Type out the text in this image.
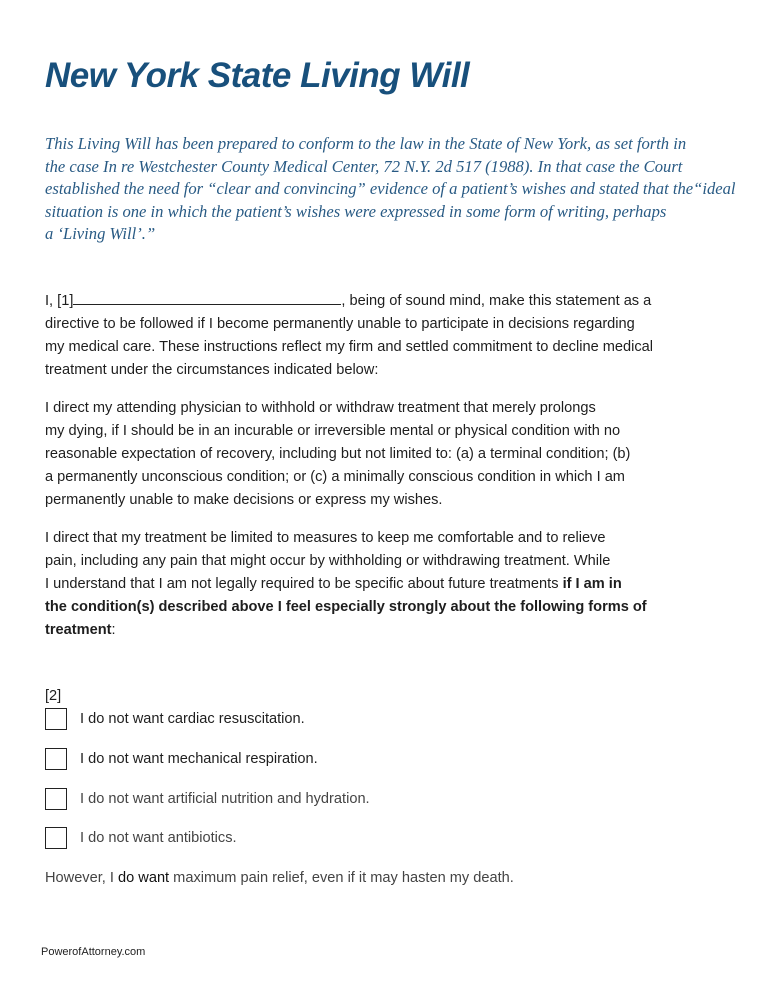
New York State Living Will
This Living Will has been prepared to conform to the law in the State of New York, as set forth in
the case In re Westchester County Medical Center, 72 N.Y. 2d 517 (1988). In that case the Court
established the need for “clear and convincing” evidence of a patient’s wishes and stated that the“ideal
situation is one in which the patient’s wishes were expressed in some form of writing, perhaps
a ‘Living Will’.”
I, [1]	, being of sound mind, make this statement as a
directive to be followed if I become permanently unable to participate in decisions regarding
my medical care. These instructions reflect my firm and settled commitment to decline medical
treatment under the circumstances indicated below:
I direct my attending physician to withhold or withdraw treatment that merely prolongs
my dying, if I should be in an incurable or irreversible mental or physical condition with no
reasonable expectation of recovery, including but not limited to: (a) a terminal condition; (b)
a permanently unconscious condition; or (c) a minimally conscious condition in which I am
permanently unable to make decisions or express my wishes.
I direct that my treatment be limited to measures to keep me comfortable and to relieve
pain, including any pain that might occur by withholding or withdrawing treatment. While
I understand that I am not legally required to be specific about future treatments if I am in
the condition(s) described above I feel especially strongly about the following forms of
treatment:
[2]
I do not want cardiac resuscitation.
I do not want mechanical respiration.
I do not want artificial nutrition and hydration.
I do not want antibiotics.
However, I do want maximum pain relief, even if it may hasten my death.
PowerofAttorney.com
